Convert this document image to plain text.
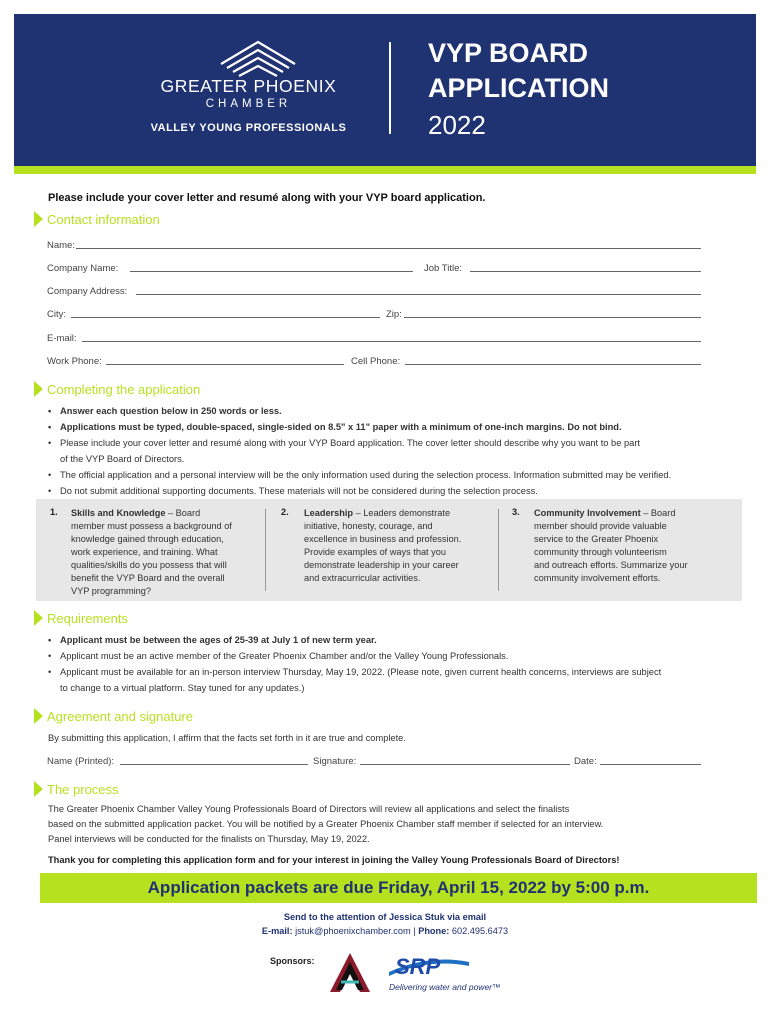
GREATER PHOENIX
CHAMBER
VALLEY YOUNG PROFESSIONALS
VYP BOARD
APPLICATION
2022
Please include your cover letter and resumé along with your VYP board application.
Contact information
Name:
Company Name:	Job Title:
Company Address:
City:	Zip:
E-mail:
Work Phone:	Cell Phone:
Completing the application
• Answer each question below in 250 words or less.
• Applications must be typed, double-spaced, single-sided on 8.5" x 11" paper with a minimum of one-inch margins. Do not bind.
• Please include your cover letter and resumé along with your VYP Board application. The cover letter should describe why you want to be part
of the VYP Board of Directors.
• The official application and a personal interview will be the only information used during the selection process. Information submitted may be verified.
• Do not submit additional supporting documents. These materials will not be considered during the selection process.
1. Skills and Knowledge – Board
member must possess a background of
knowledge gained through education,
work experience, and training. What
qualities/skills do you possess that will
benefit the VYP Board and the overall
VYP programming?
2. Leadership – Leaders demonstrate
initiative, honesty, courage, and
excellence in business and profession.
Provide examples of ways that you
demonstrate leadership in your career
and extracurricular activities.
3. Community Involvement – Board
member should provide valuable
service to the Greater Phoenix
community through volunteerism
and outreach efforts. Summarize your
community involvement efforts.
Requirements
• Applicant must be between the ages of 25-39 at July 1 of new term year.
• Applicant must be an active member of the Greater Phoenix Chamber and/or the Valley Young Professionals.
• Applicant must be available for an in-person interview Thursday, May 19, 2022. (Please note, given current health concerns, interviews are subject
to change to a virtual platform. Stay tuned for any updates.)
Agreement and signature
By submitting this application, I affirm that the facts set forth in it are true and complete.
Name (Printed):	Signature:	Date:
The process
The Greater Phoenix Chamber Valley Young Professionals Board of Directors will review all applications and select the finalists
based on the submitted application packet. You will be notified by a Greater Phoenix Chamber staff member if selected for an interview.
Panel interviews will be conducted for the finalists on Thursday, May 19, 2022.
Thank you for completing this application form and for your interest in joining the Valley Young Professionals Board of Directors!
Application packets are due Friday, April 15, 2022 by 5:00 p.m.
Send to the attention of Jessica Stuk via email
E-mail: jstuk@phoenixchamber.com | Phone: 602.495.6473
Sponsors:	SRP
Delivering water and power™
